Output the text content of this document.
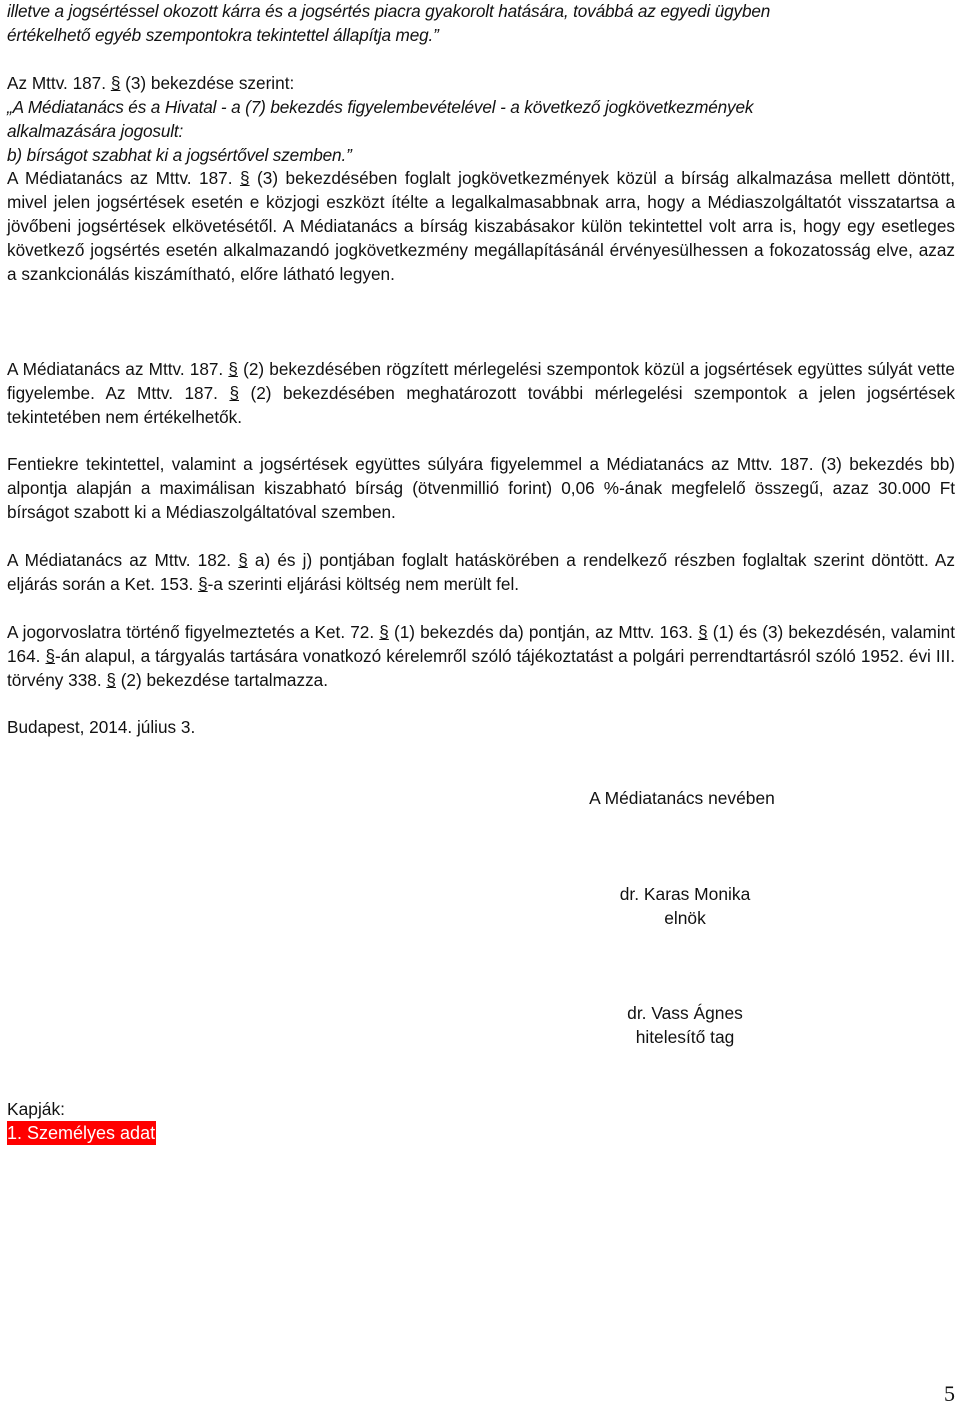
illetve a jogsértéssel okozott kárra és a jogsértés piacra gyakorolt hatására, továbbá az egyedi ügyben
értékelhető egyéb szempontokra tekintettel állapítja meg.”

Az Mttv. 187. § (3) bekezdése szerint:
„A Médiatanács és a Hivatal - a (7) bekezdés figyelembevételével - a következő jogkövetkezmények
alkalmazására jogosult:
b) bírságot szabhat ki a jogsértővel szemben.”

A Médiatanács az Mttv. 187. § (3) bekezdésében foglalt jogkövetkezmények közül a bírság alkalmazása mellett döntött, mivel jelen jogsértések esetén e közjogi eszközt ítélte a legalkalmasabbnak arra, hogy a Médiaszolgáltatót visszatartsa a jövőbeni jogsértések elkövetésétől. A Médiatanács a bírság kiszabásakor külön tekintettel volt arra is, hogy egy esetleges következő jogsértés esetén alkalmazandó jogkövetkezmény megállapításánál érvényesülhessen a fokozatosság elve, azaz a szankcionálás kiszámítható, előre látható legyen.

A Médiatanács az Mttv. 187. § (2) bekezdésében rögzített mérlegelési szempontok közül a jogsértések együttes súlyát vette figyelembe. Az Mttv. 187. § (2) bekezdésében meghatározott további mérlegelési szempontok a jelen jogsértések tekintetében nem értékelhetők.

Fentiekre tekintettel, valamint a jogsértések együttes súlyára figyelemmel a Médiatanács az Mttv. 187. (3) bekezdés bb) alpontja alapján a maximálisan kiszabható bírság (ötvenmillió forint) 0,06 %-ának megfelelő összegű, azaz 30.000 Ft bírságot szabott ki a Médiaszolgáltatóval szemben.

A Médiatanács az Mttv. 182. § a) és j) pontjában foglalt hatáskörében a rendelkező részben foglaltak szerint döntött. Az eljárás során a Ket. 153. §-a szerinti eljárási költség nem merült fel.

A jogorvoslatra történő figyelmeztetés a Ket. 72. § (1) bekezdés da) pontján, az Mttv. 163. § (1) és (3) bekezdésén, valamint 164. §-án alapul, a tárgyalás tartására vonatkozó kérelemről szóló tájékoztatást a polgári perrendtartásról szóló 1952. évi III. törvény 338. § (2) bekezdése tartalmazza.

Budapest, 2014. július 3.

A Médiatanács nevében

dr. Karas Monika

elnök

dr. Vass Ágnes

hitelesítő tag

Kapják:

1. Személyes adat

5
